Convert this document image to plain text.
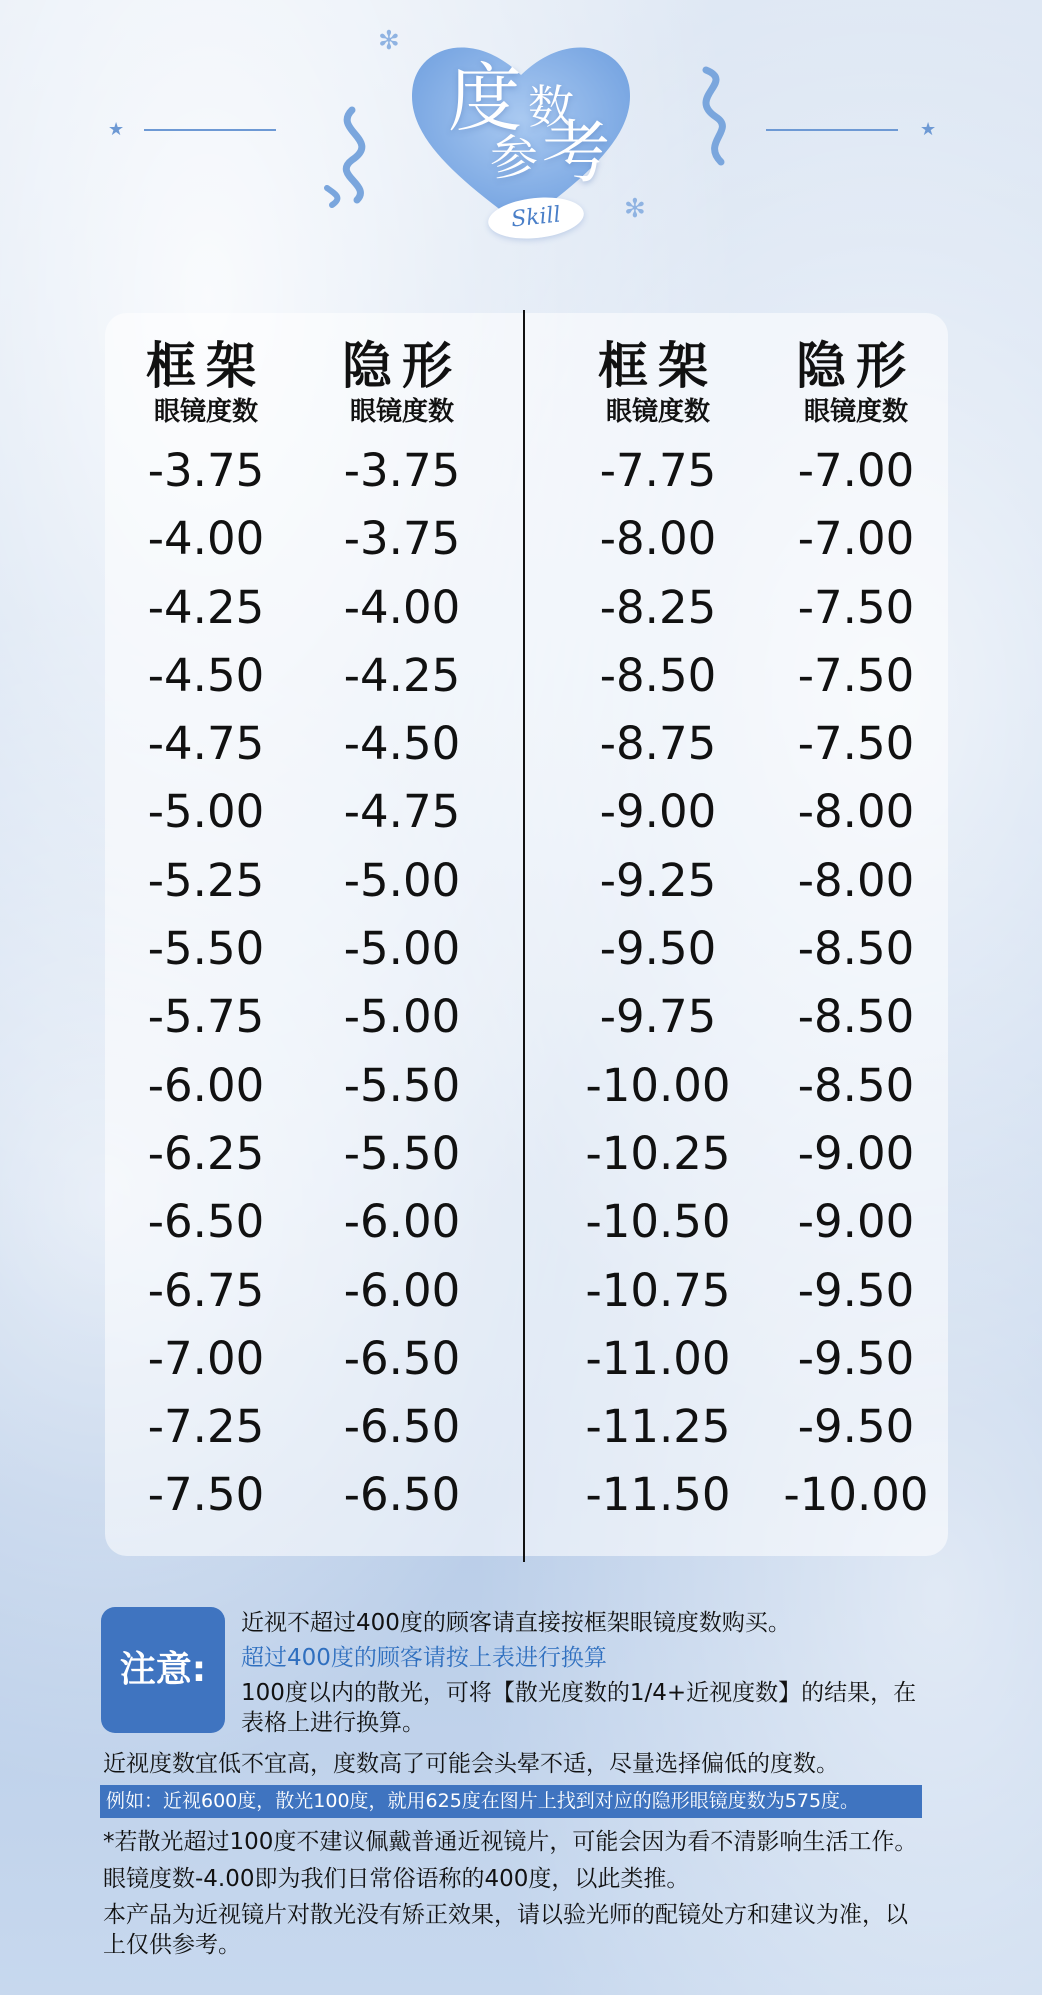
★	★
✻
✻
度 数
参 考
Skill
框架
眼镜度数
隐形
眼镜度数
框架
眼镜度数
隐形
眼镜度数
-3.75
-4.00
-4.25
-4.50
-4.75
-5.00
-5.25
-5.50
-5.75
-6.00
-6.25
-6.50
-6.75
-7.00
-7.25
-7.50
-3.75
-3.75
-4.00
-4.25
-4.50
-4.75
-5.00
-5.00
-5.00
-5.50
-5.50
-6.00
-6.00
-6.50
-6.50
-6.50
-7.75
-8.00
-8.25
-8.50
-8.75
-9.00
-9.25
-9.50
-9.75
-10.00
-10.25
-10.50
-10.75
-11.00
-11.25
-11.50
-7.00
-7.00
-7.50
-7.50
-7.50
-8.00
-8.00
-8.50
-8.50
-8.50
-9.00
-9.00
-9.50
-9.50
-9.50
-10.00
注意:
近视不超过400度的顾客请直接按框架眼镜度数购买。
超过400度的顾客请按上表进行换算
100度以内的散光，可将【散光度数的1/4+近视度数】的结果，在
表格上进行换算。
近视度数宜低不宜高，度数高了可能会头晕不适，尽量选择偏低的度数。
例如：近视600度，散光100度，就用625度在图片上找到对应的隐形眼镜度数为575度。
*若散光超过100度不建议佩戴普通近视镜片，可能会因为看不清影响生活工作。
眼镜度数-4.00即为我们日常俗语称的400度，以此类推。
本产品为近视镜片对散光没有矫正效果，请以验光师的配镜处方和建议为准，以
上仅供参考。
